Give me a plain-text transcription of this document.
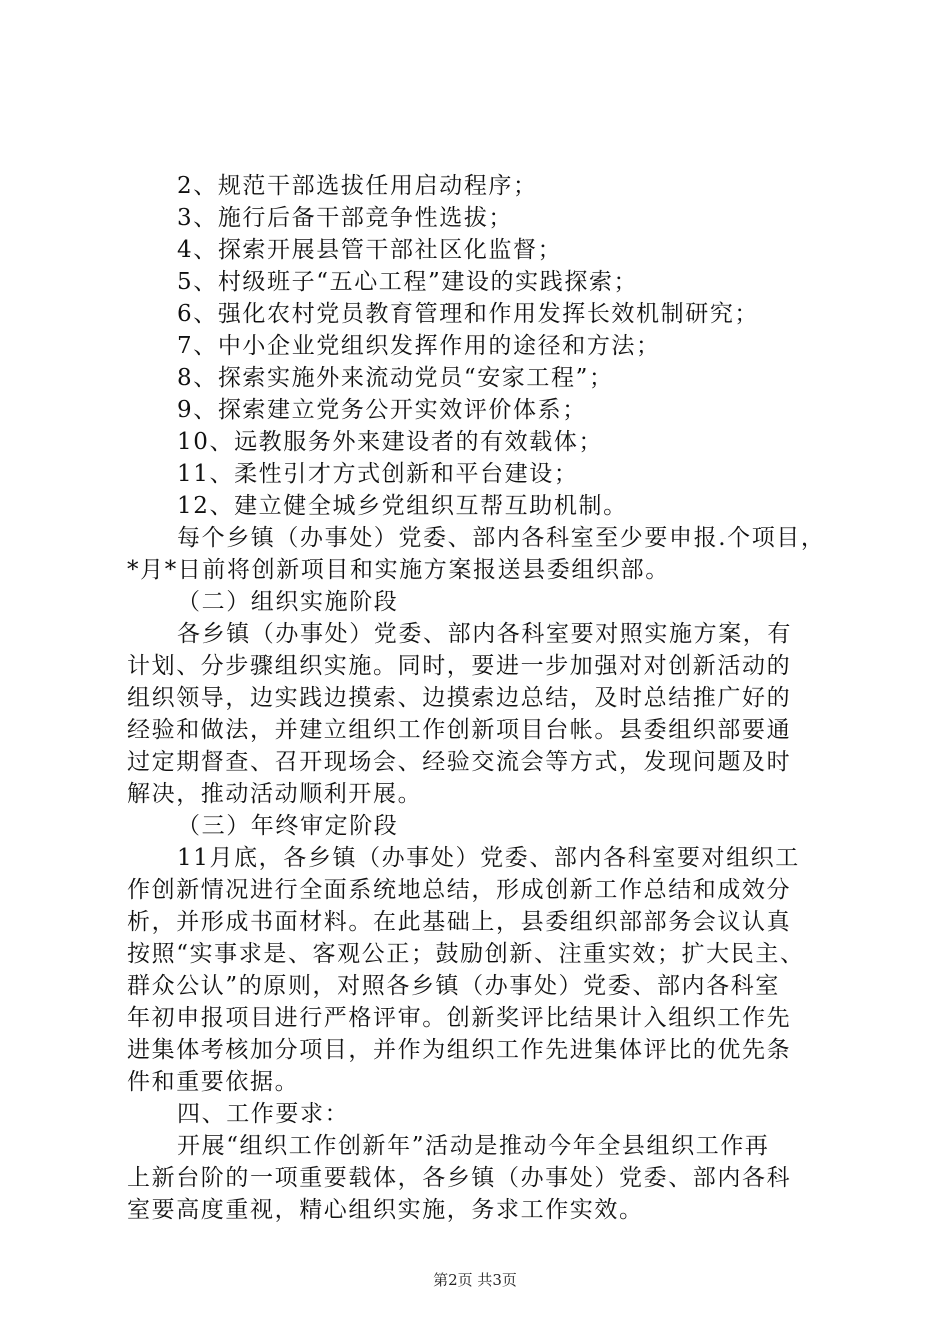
2、规范干部选拔任用启动程序；
3、施行后备干部竞争性选拔；
4、探索开展县管干部社区化监督；
5、村级班子“五心工程”建设的实践探索；
6、强化农村党员教育管理和作用发挥长效机制研究；
7、中小企业党组织发挥作用的途径和方法；
8、探索实施外来流动党员“安家工程”；
9、探索建立党务公开实效评价体系；
10、远教服务外来建设者的有效载体；
11、柔性引才方式创新和平台建设；
12、建立健全城乡党组织互帮互助机制。
每个乡镇（办事处）党委、部内各科室至少要申报.个项目，
*月*日前将创新项目和实施方案报送县委组织部。
（二）组织实施阶段
各乡镇（办事处）党委、部内各科室要对照实施方案，有
计划、分步骤组织实施。同时，要进一步加强对对创新活动的
组织领导，边实践边摸索、边摸索边总结，及时总结推广好的
经验和做法，并建立组织工作创新项目台帐。县委组织部要通
过定期督查、召开现场会、经验交流会等方式，发现问题及时
解决，推动活动顺利开展。
（三）年终审定阶段
11月底，各乡镇（办事处）党委、部内各科室要对组织工
作创新情况进行全面系统地总结，形成创新工作总结和成效分
析，并形成书面材料。在此基础上，县委组织部部务会议认真
按照“实事求是、客观公正；鼓励创新、注重实效；扩大民主、
群众公认”的原则，对照各乡镇（办事处）党委、部内各科室
年初申报项目进行严格评审。创新奖评比结果计入组织工作先
进集体考核加分项目，并作为组织工作先进集体评比的优先条
件和重要依据。
四、工作要求：
开展“组织工作创新年”活动是推动今年全县组织工作再
上新台阶的一项重要载体，各乡镇（办事处）党委、部内各科
室要高度重视，精心组织实施，务求工作实效。
第2页 共3页
